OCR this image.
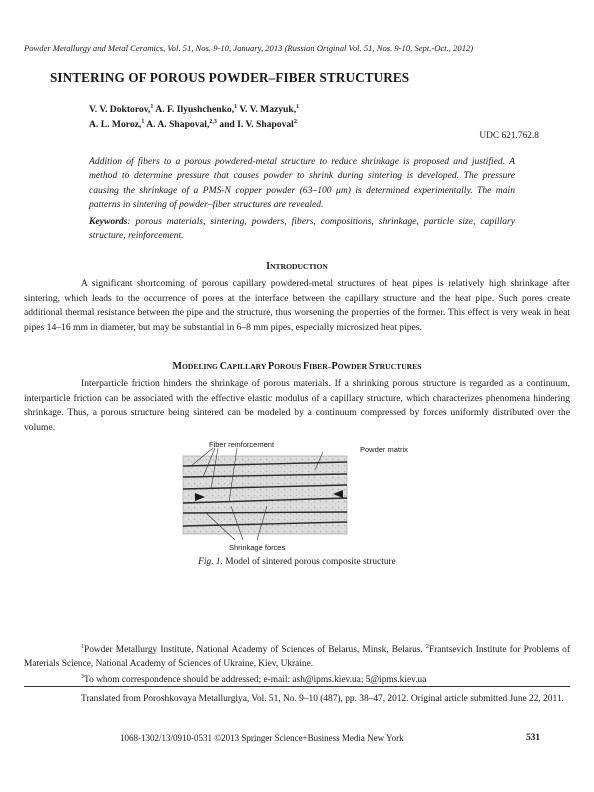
Powder Metallurgy and Metal Ceramics, Vol. 51, Nos. 9-10, January, 2013 (Russian Original Vol. 51, Nos. 9-10, Sept.-Oct., 2012)
SINTERING OF POROUS POWDER–FIBER STRUCTURES
V. V. Doktorov,$^1$ A. F. Ilyushchenko,$^1$ V. V. Mazyuk,$^1$
A. L. Moroz,$^1$ A. A. Shapoval,$^{2,3}$ and I. V. Shapoval$^2$
UDC 621.762.8
Addition of fibers to a porous powdered-metal structure to reduce shrinkage is proposed and justified. A method to determine pressure that causes powder to shrink during sintering is developed. The pressure causing the shrinkage of a PMS-N copper powder (63–100 μm) is determined experimentally. The main patterns in sintering of powder–fiber structures are revealed.
Keywords: porous materials, sintering, powders, fibers, compositions, shrinkage, particle size, capillary structure, reinforcement.
INTRODUCTION
A significant shortcoming of porous capillary powdered-metal structures of heat pipes is relatively high shrinkage after sintering, which leads to the occurrence of pores at the interface between the capillary structure and the heat pipe. Such pores create additional thermal resistance between the pipe and the structure, thus worsening the properties of the former. This effect is very weak in heat pipes 14–16 mm in diameter, but may be substantial in 6–8 mm pipes, especially microsized heat pipes.
MODELING CAPILLARY POROUS FIBER–POWDER STRUCTURES
Interparticle friction hinders the shrinkage of porous materials. If a shrinking porous structure is regarded as a continuum, interparticle friction can be associated with the effective elastic modulus of a capillary structure, which characterizes phenomena hindering shrinkage. Thus, a porous structure being sintered can be modeled by a continuum compressed by forces uniformly distributed over the volume.
Fiber reinforcement
Powder matrix
Shrinkage forces
Fig. 1. Model of sintered porous composite structure
$^1$Powder Metallurgy Institute, National Academy of Sciences of Belarus, Minsk, Belarus. $^2$Frantsevich Institute for Problems of Materials Science, National Academy of Sciences of Ukraine, Kiev, Ukraine.
$^3$To whom correspondence should be addressed; e-mail: ash@ipms.kiev.ua; 5@ipms.kiev.ua
Translated from Poroshkovaya Metallurgiya, Vol. 51, No. 9–10 (487), pp. 38–47, 2012. Original article submitted June 22, 2011.
1068-1302/13/0910-0531 ©2013 Springer Science+Business Media New York	531
